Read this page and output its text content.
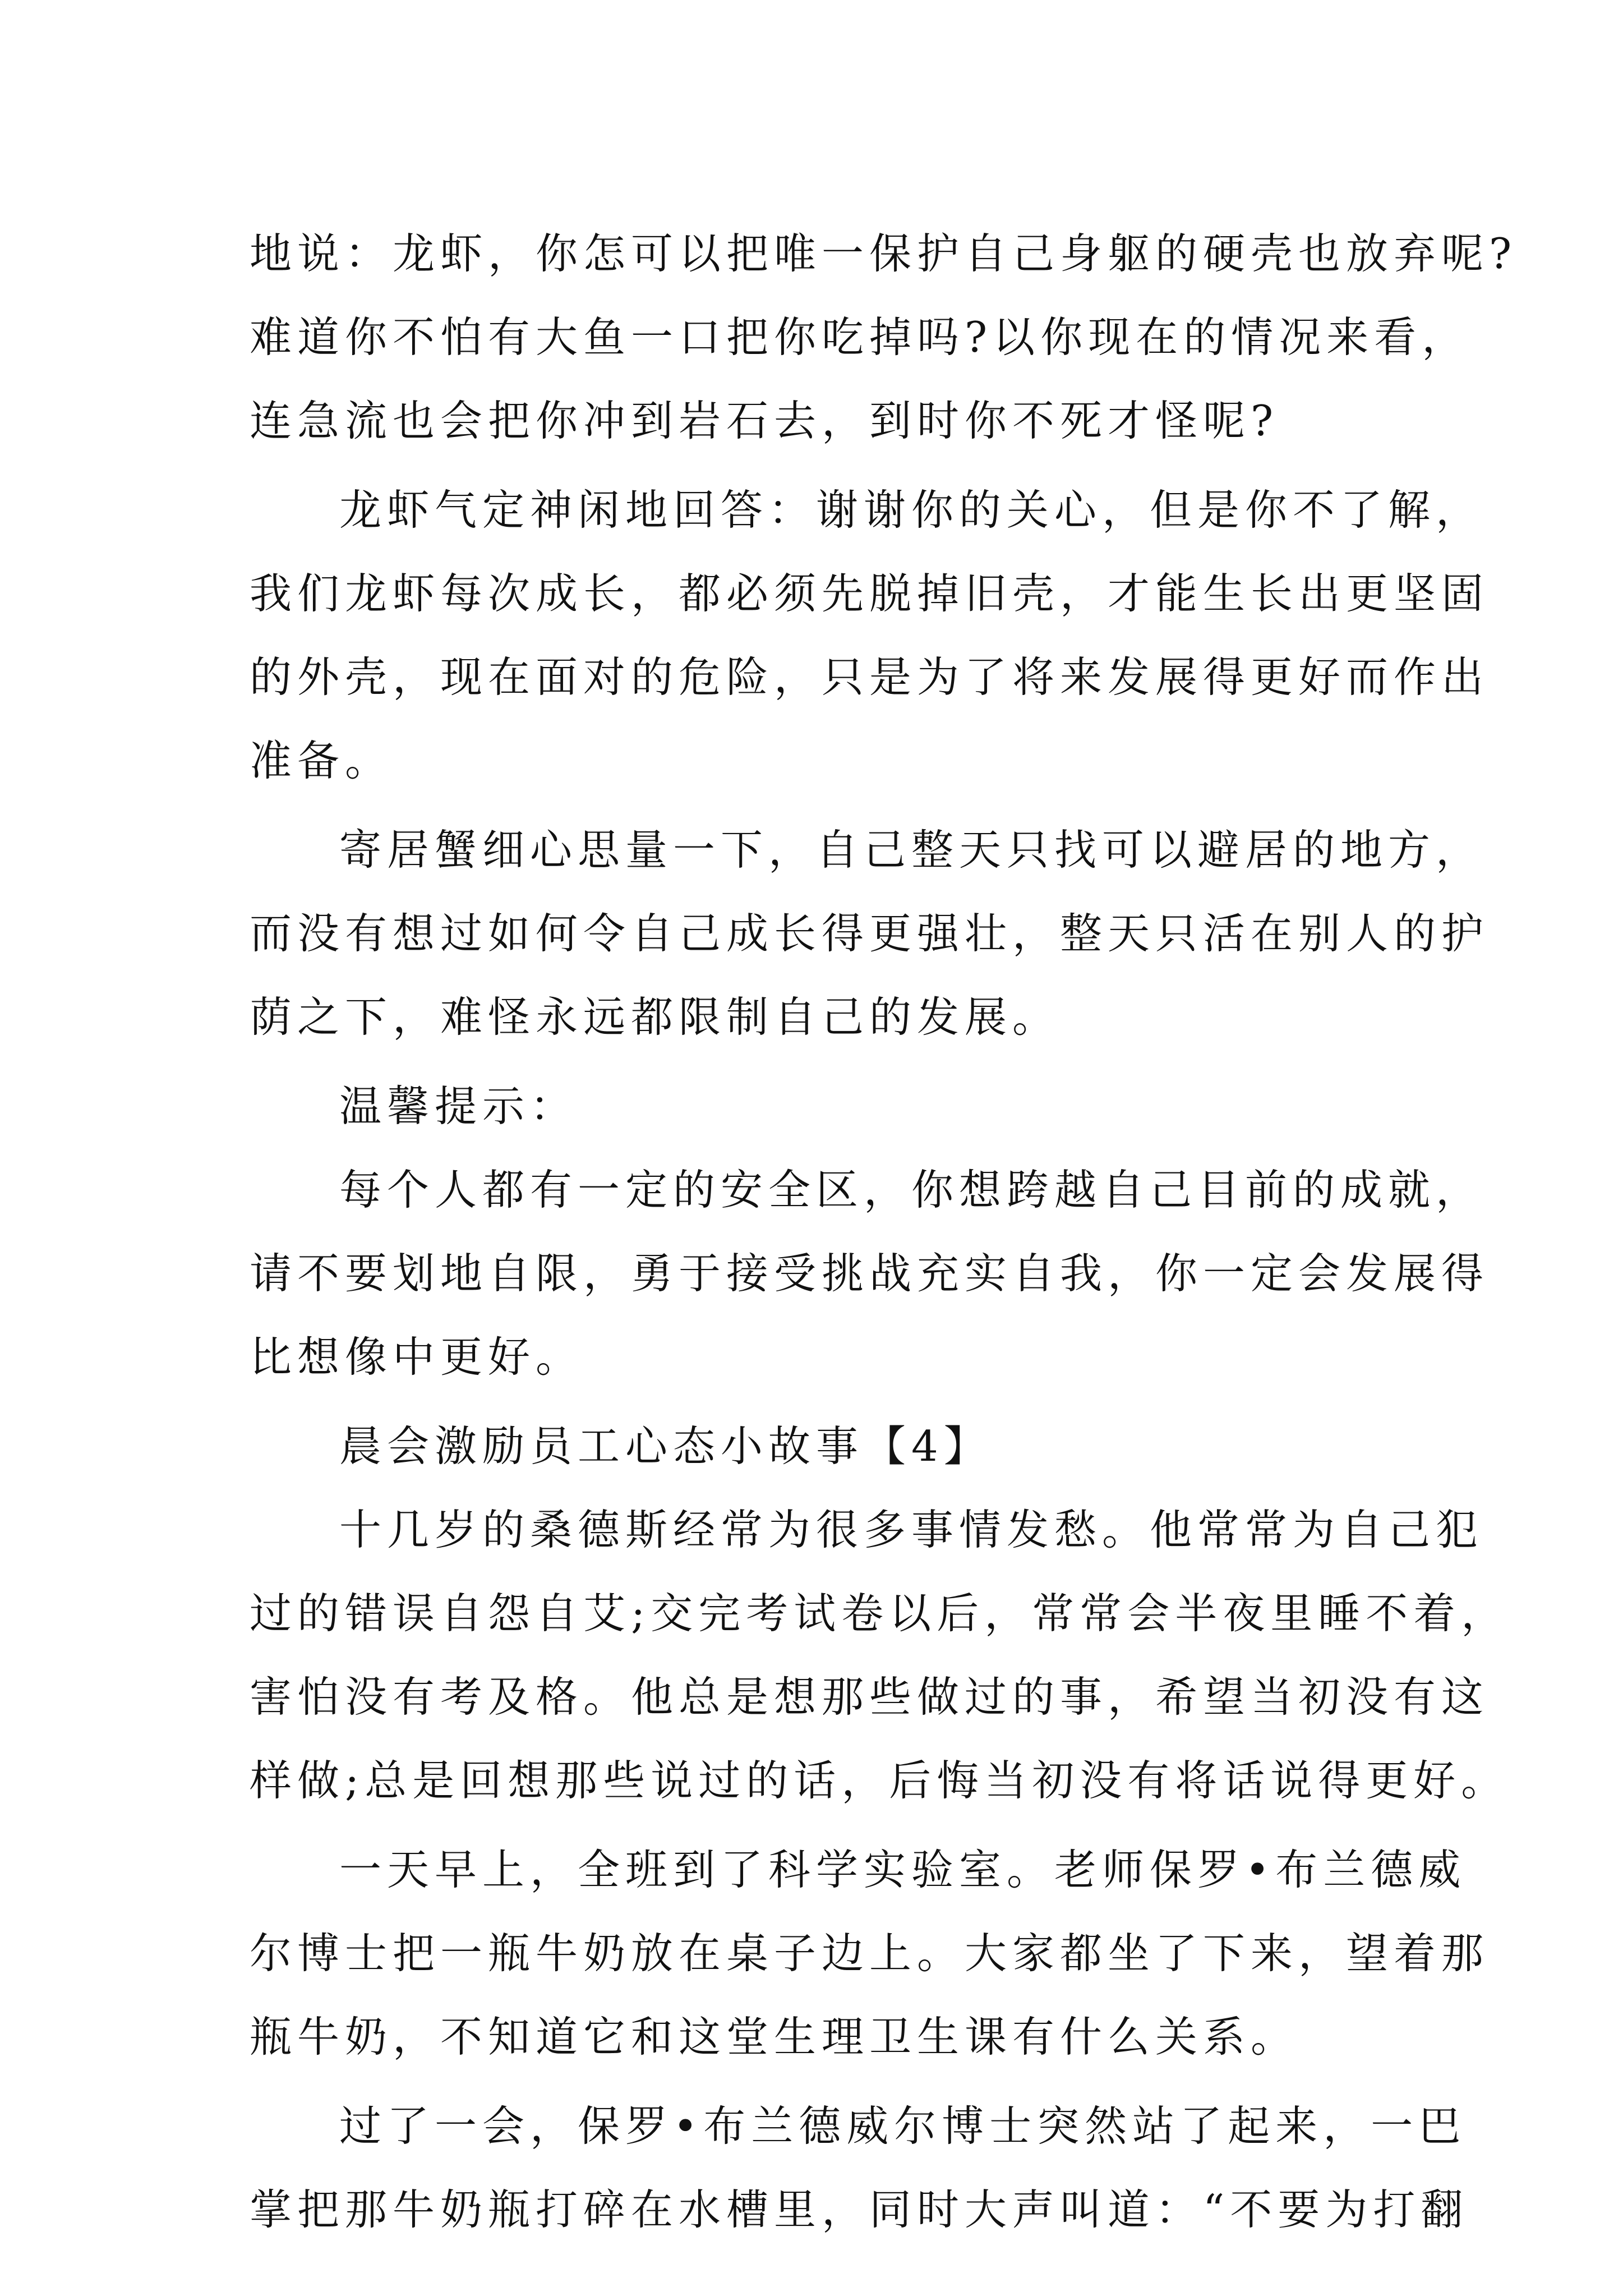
地说：龙虾，你怎可以把唯一保护自己身躯的硬壳也放弃呢?
难道你不怕有大鱼一口把你吃掉吗?以你现在的情况来看，
连急流也会把你冲到岩石去，到时你不死才怪呢?
龙虾气定神闲地回答：谢谢你的关心，但是你不了解，
我们龙虾每次成长，都必须先脱掉旧壳，才能生长出更坚固
的外壳，现在面对的危险，只是为了将来发展得更好而作出
准备。
寄居蟹细心思量一下，自己整天只找可以避居的地方，
而没有想过如何令自己成长得更强壮，整天只活在别人的护
荫之下，难怪永远都限制自己的发展。
温馨提示：
每个人都有一定的安全区，你想跨越自己目前的成就，
请不要划地自限，勇于接受挑战充实自我，你一定会发展得
比想像中更好。
晨会激励员工心态小故事【4】
十几岁的桑德斯经常为很多事情发愁。他常常为自己犯
过的错误自怨自艾;交完考试卷以后，常常会半夜里睡不着，
害怕没有考及格。他总是想那些做过的事，希望当初没有这
样做;总是回想那些说过的话，后悔当初没有将话说得更好。
一天早上，全班到了科学实验室。老师保罗•布兰德威
尔博士把一瓶牛奶放在桌子边上。大家都坐了下来，望着那
瓶牛奶，不知道它和这堂生理卫生课有什么关系。
过了一会，保罗•布兰德威尔博士突然站了起来，一巴
掌把那牛奶瓶打碎在水槽里，同时大声叫道：“不要为打翻
